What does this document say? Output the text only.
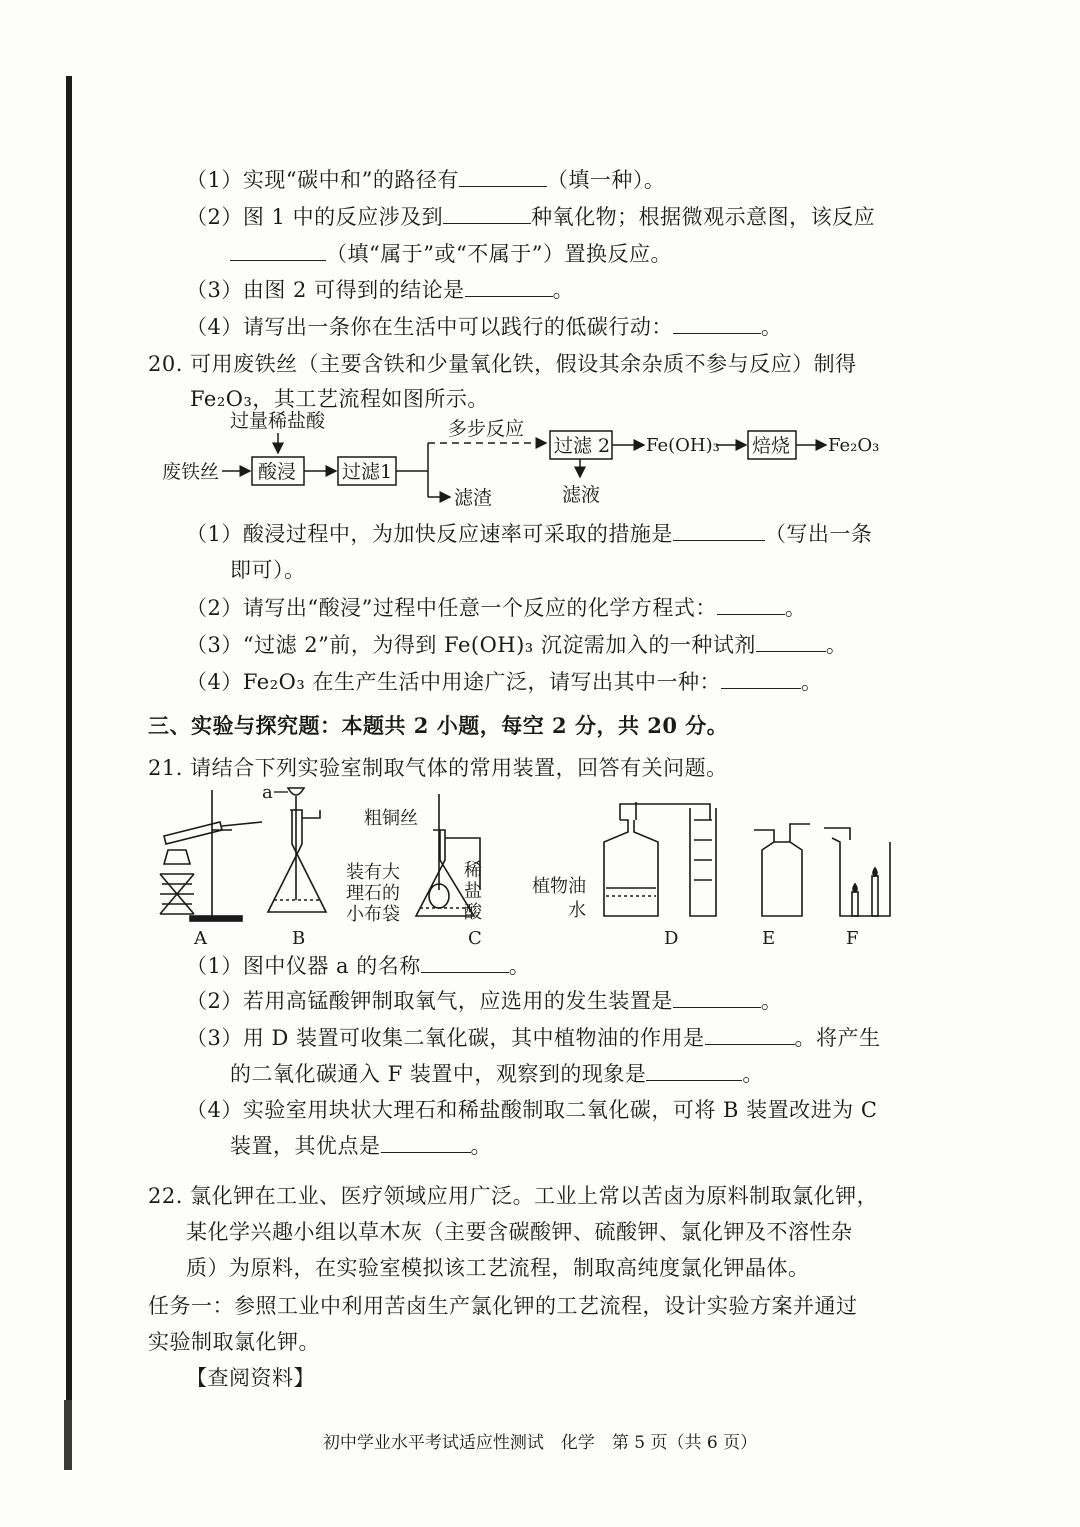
（1）实现“碳中和”的路径有	（填一种）。
（2）图 1 中的反应涉及到	种氧化物；根据微观示意图，该反应
（填“属于”或“不属于”）置换反应。
（3）由图 2 可得到的结论是	。
（4）请写出一条你在生活中可以践行的低碳行动：	。
20. 可用废铁丝（主要含铁和少量氧化铁，假设其余杂质不参与反应）制得
Fe₂O₃，其工艺流程如图所示。
过量稀盐酸
废铁丝 酸浸 过滤1
多步反应
滤渣
过滤 2
滤液
Fe(OH)₃ 焙烧 Fe₂O₃
（1）酸浸过程中，为加快反应速率可采取的措施是	（写出一条
即可）。
（2）请写出“酸浸”过程中任意一个反应的化学方程式：	。
（3）“过滤 2”前，为得到 Fe(OH)₃ 沉淀需加入的一种试剂	。
（4）Fe₂O₃ 在生产生活中用途广泛，请写出其中一种：	。
三、实验与探究题：本题共 2 小题，每空 2 分，共 20 分。
21. 请结合下列实验室制取气体的常用装置，回答有关问题。
a
粗铜丝
装有大
理石的
小布袋
稀
盐
酸
植物油
水
A	B	C	D	E	F
（1）图中仪器 a 的名称	。
（2）若用高锰酸钾制取氧气，应选用的发生装置是	。
（3）用 D 装置可收集二氧化碳，其中植物油的作用是	。将产生
的二氧化碳通入 F 装置中，观察到的现象是	。
（4）实验室用块状大理石和稀盐酸制取二氧化碳，可将 B 装置改进为 C
装置，其优点是	。
22. 氯化钾在工业、医疗领域应用广泛。工业上常以苦卤为原料制取氯化钾，
某化学兴趣小组以草木灰（主要含碳酸钾、硫酸钾、氯化钾及不溶性杂
质）为原料，在实验室模拟该工艺流程，制取高纯度氯化钾晶体。
任务一：参照工业中利用苦卤生产氯化钾的工艺流程，设计实验方案并通过
实验制取氯化钾。
【查阅资料】
初中学业水平考试适应性测试　化学　第 5 页（共 6 页）
